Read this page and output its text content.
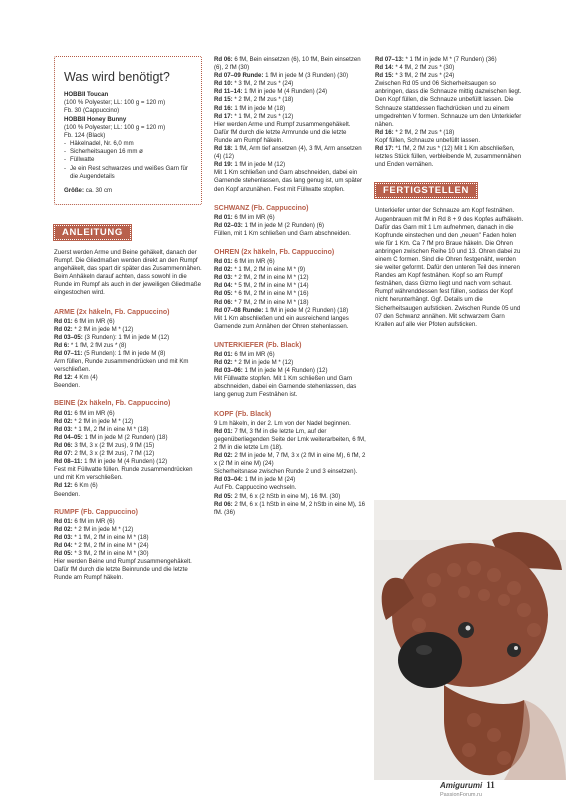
Was wird benötigt?

HOBBII Toucan

(100 % Polyester; LL: 100 g = 120 m)

Fb. 30 (Cappuccino)

HOBBII Honey Bunny

(100 % Polyester; LL: 100 g = 120 m)

Fb. 124 (Black)

- Häkelnadel, Nr. 6,0 mm
- Sicherheitsaugen 16 mm ø
- Füllwatte
- Je ein Rest schwarzes und weißes Garn für die Augendetails

Größe: ca. 30 cm

ANLEITUNG

Zuerst werden Arme und Beine gehäkelt, danach der Rumpf. Die Gliedmaßen werden direkt an den Rumpf angehäkelt, das spart dir später das Zusammennähen. Beim Anhäkeln darauf achten, dass sowohl in die Runde im Rumpf als auch in der jeweiligen Gliedmaße eingestochen wird.

ARME (2x häkeln, Fb. Cappuccino)

Rd 01: 6 fM im MR (6)

Rd 02: * 2 fM in jede M * (12)

Rd 03–05: (3 Runden): 1 fM in jede M (12)

Rd 6: * 1 fM, 2 fM zus * (8)

Rd 07–11: (5 Runden): 1 fM in jede M (8)

Arm füllen, Runde zusammendrücken und mit Km verschließen.

Rd 12: 4 Km (4)

Beenden.

BEINE (2x häkeln, Fb. Cappuccino)

Rd 01: 6 fM im MR (6)

Rd 02: * 2 fM in jede M * (12)

Rd 03: * 1 fM, 2 fM in eine M * (18)

Rd 04–05: 1 fM in jede M (2 Runden) (18)

Rd 06: 3 fM, 3 x (2 fM zus), 9 fM (15)

Rd 07: 2 fM, 3 x (2 fM zus), 7 fM (12)

Rd 08–11: 1 fM in jede M (4 Runden) (12)

Fest mit Füllwatte füllen. Runde zusammendrücken und mit Km verschließen.

Rd 12: 6 Km (6)

Beenden.

RUMPF (Fb. Cappuccino)

Rd 01: 6 fM im MR (6)

Rd 02: * 2 fM in jede M * (12)

Rd 03: * 1 fM, 2 fM in eine M * (18)

Rd 04: * 2 fM, 2 fM in eine M * (24)

Rd 05: * 3 fM, 2 fM in eine M * (30)

Hier werden Beine und Rumpf zusammengehäkelt. Dafür fM durch die letzte Beinrunde und die letzte Runde am Rumpf häkeln.

Rd 06: 6 fM, Bein einsetzen (6), 10 fM, Bein einsetzen (6), 2 fM (30)

Rd 07–09 Runde: 1 fM in jede M (3 Runden) (30)

Rd 10: * 3 fM, 2 fM zus * (24)

Rd 11–14: 1 fM in jede M (4 Runden) (24)

Rd 15: * 2 fM, 2 fM zus * (18)

Rd 16: 1 fM in jede M (18)

Rd 17: * 1 fM, 2 fM zus * (12)

Hier werden Arme und Rumpf zusammengehäkelt. Dafür fM durch die letzte Armrunde und die letzte Runde am Rumpf häkeln.

Rd 18: 1 fM, Arm tief ansetzen (4), 3 fM, Arm ansetzen (4) (12)

Rd 19: 1 fM in jede M (12)

Mit 1 Km schließen und Garn abschneiden, dabei ein Garnende stehenlassen, das lang genug ist, um später den Kopf anzunähen. Fest mit Füllwatte stopfen.

SCHWANZ (Fb. Cappuccino)

Rd 01: 6 fM im MR (6)

Rd 02–03: 1 fM in jede M (2 Runden) (6)

Füllen, mit 1 Km schließen und Garn abschneiden.

OHREN (2x häkeln, Fb. Cappuccino)

Rd 01: 6 fM im MR (6)

Rd 02: * 1 fM, 2 fM in eine M * (9)

Rd 03: * 2 fM, 2 fM in eine M * (12)

Rd 04: * 5 fM, 2 fM in eine M * (14)

Rd 05: * 6 fM, 2 fM in eine M * (16)

Rd 06: * 7 fM, 2 fM in eine M * (18)

Rd 07–08 Runde: 1 fM in jede M (2 Runden) (18)

Mit 1 Km abschließen und ein ausreichend langes Garnende zum Annähen der Ohren stehenlassen.

UNTERKIEFER (Fb. Black)

Rd 01: 6 fM im MR (6)

Rd 02: * 2 fM in jede M * (12)

Rd 03–06: 1 fM in jede M (4 Runden) (12)

Mit Füllwatte stopfen. Mit 1 Km schließen und Garn abschneiden, dabei ein Garnende stehenlassen, das lang genug zum Festnähen ist.

KOPF (Fb. Black)

9 Lm häkeln, in der 2. Lm von der Nadel beginnen.

Rd 01: 7 fM, 3 fM in die letzte Lm, auf der gegenüberliegenden Seite der Lmk weiterarbeiten, 6 fM, 2 fM in die letzte Lm (18).

Rd 02: 2 fM in jede M, 7 fM, 3 x (2 fM in eine M), 6 fM, 2 x (2 fM in eine M) (24)

Sicherheitsnase zwischen Runde 2 und 3 einsetzen).

Rd 03–04: 1 fM in jede M (24)

Auf Fb. Cappuccino wechseln.

Rd 05: 2 fM, 6 x (2 hStb in eine M), 16 fM. (30)

Rd 06: 2 fM, 6 x (1 hStb in eine M, 2 hStb in eine M), 16 fM. (36)

Rd 07–13: * 1 fM in jede M * (7 Runden) (36)

Rd 14: * 4 fM, 2 fM zus * (30)

Rd 15: * 3 fM, 2 fM zus * (24)

Zwischen Rd 05 und 06 Sicherheitsaugen so anbringen, dass die Schnauze mittig dazwischen liegt.

Den Kopf füllen, die Schnauze unbefüllt lassen. Die Schnauze stattdessen flachdrücken und zu einem umgedrehten V formen. Schnauze um den Unterkiefer nähen.

Rd 16: * 2 fM, 2 fM zus * (18)

Kopf füllen, Schnauze unbefüllt lassen.

Rd 17: *1 fM, 2 fM zus * (12) Mit 1 Km abschließen, letztes Stück füllen, verbleibende M, zusammennähen und Enden vernähen.

FERTIGSTELLEN

Unterkiefer unter der Schnauze am Kopf festnähen. Augenbrauen mit fM in Rd 8 + 9 des Kopfes aufhäkeln. Dafür das Garn mit 1 Lm aufnehmen, danach in die Kopfrunde einstechen und den „neuen" Faden holen wie für 1 Km. Ca 7 fM pro Braue häkeln. Die Ohren anbringen zwischen Reihe 10 und 13. Ohren dabei zu einem C formen. Sind die Ohren festgenäht, werden sie weiter geformt. Dafür den unteren Teil des inneren Randes am Kopf festnähen. Kopf so am Rumpf festnähen, dass Gizmo liegt und nach vorn schaut. Rumpf währenddessen fest füllen, sodass der Kopf nicht herunterhängt. Ggf. Details um die Sicherheitsaugen aufsticken. Zwischen Runde 05 und 07 den Schwanz annähen. Mit schwarzem Garn Krallen auf alle vier Pfoten aufsticken.

Amigurumi 11
PassionForum.ru
